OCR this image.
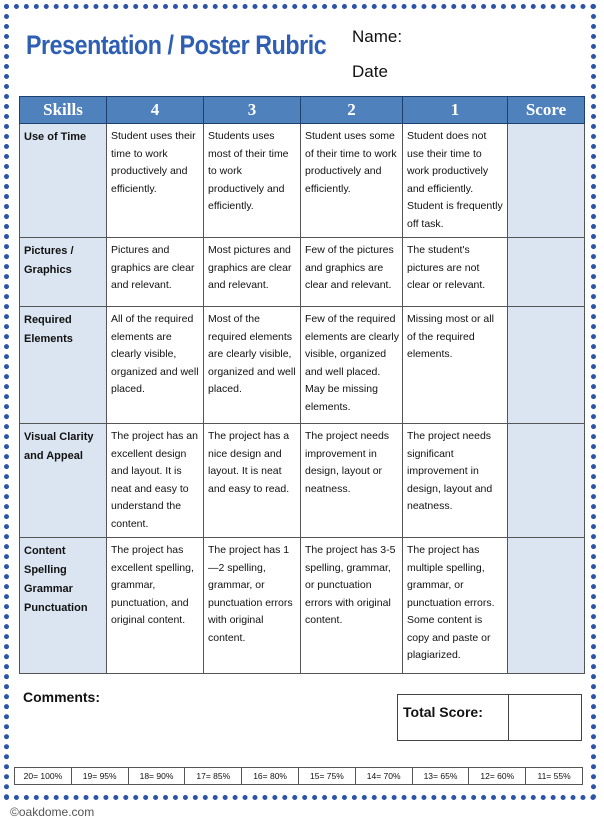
Presentation / Poster Rubric Name:
Date
Skills	4	3	2	1	Score
Use of Time	Student uses their time to work productively and efficiently.	Students uses most of their time to work productively and efficiently.	Student uses some of their time to work productively and efficiently.	Student does not use their time to work productively and efficiently. Student is frequently off task.	
Pictures / Graphics	Pictures and graphics are clear and relevant.	Most pictures and graphics are clear and relevant.	Few of the pictures and graphics are clear and relevant.	The student's pictures are not clear or relevant.	
Required Elements	All of the required elements are clearly visible, organized and well placed.	Most of the required elements are clearly visible, organized and well placed.	Few of the required elements are clearly visible, organized and well placed. May be missing elements.	Missing most or all of the required elements.	
Visual Clarity and Appeal	The project has an excellent design and layout. It is neat and easy to understand the content.	The project has a nice design and layout. It is neat and easy to read.	The project needs improvement in design, layout or neatness.	The project needs significant improvement in design, layout and neatness.	
Content Spelling Grammar Punctuation	The project has excellent spelling, grammar, punctuation, and original content.	The project has 1—2 spelling, grammar, or punctuation errors with original content.	The project has 3-5 spelling, grammar, or punctuation errors with original content.	The project has multiple spelling, grammar, or punctuation errors. Some content is copy and paste or plagiarized.	
Comments:
Total Score:
20= 100%	19= 95%	18= 90%	17= 85%	16= 80%	15= 75%	14= 70%	13= 65%	12= 60%	11= 55%
©oakdome.com
